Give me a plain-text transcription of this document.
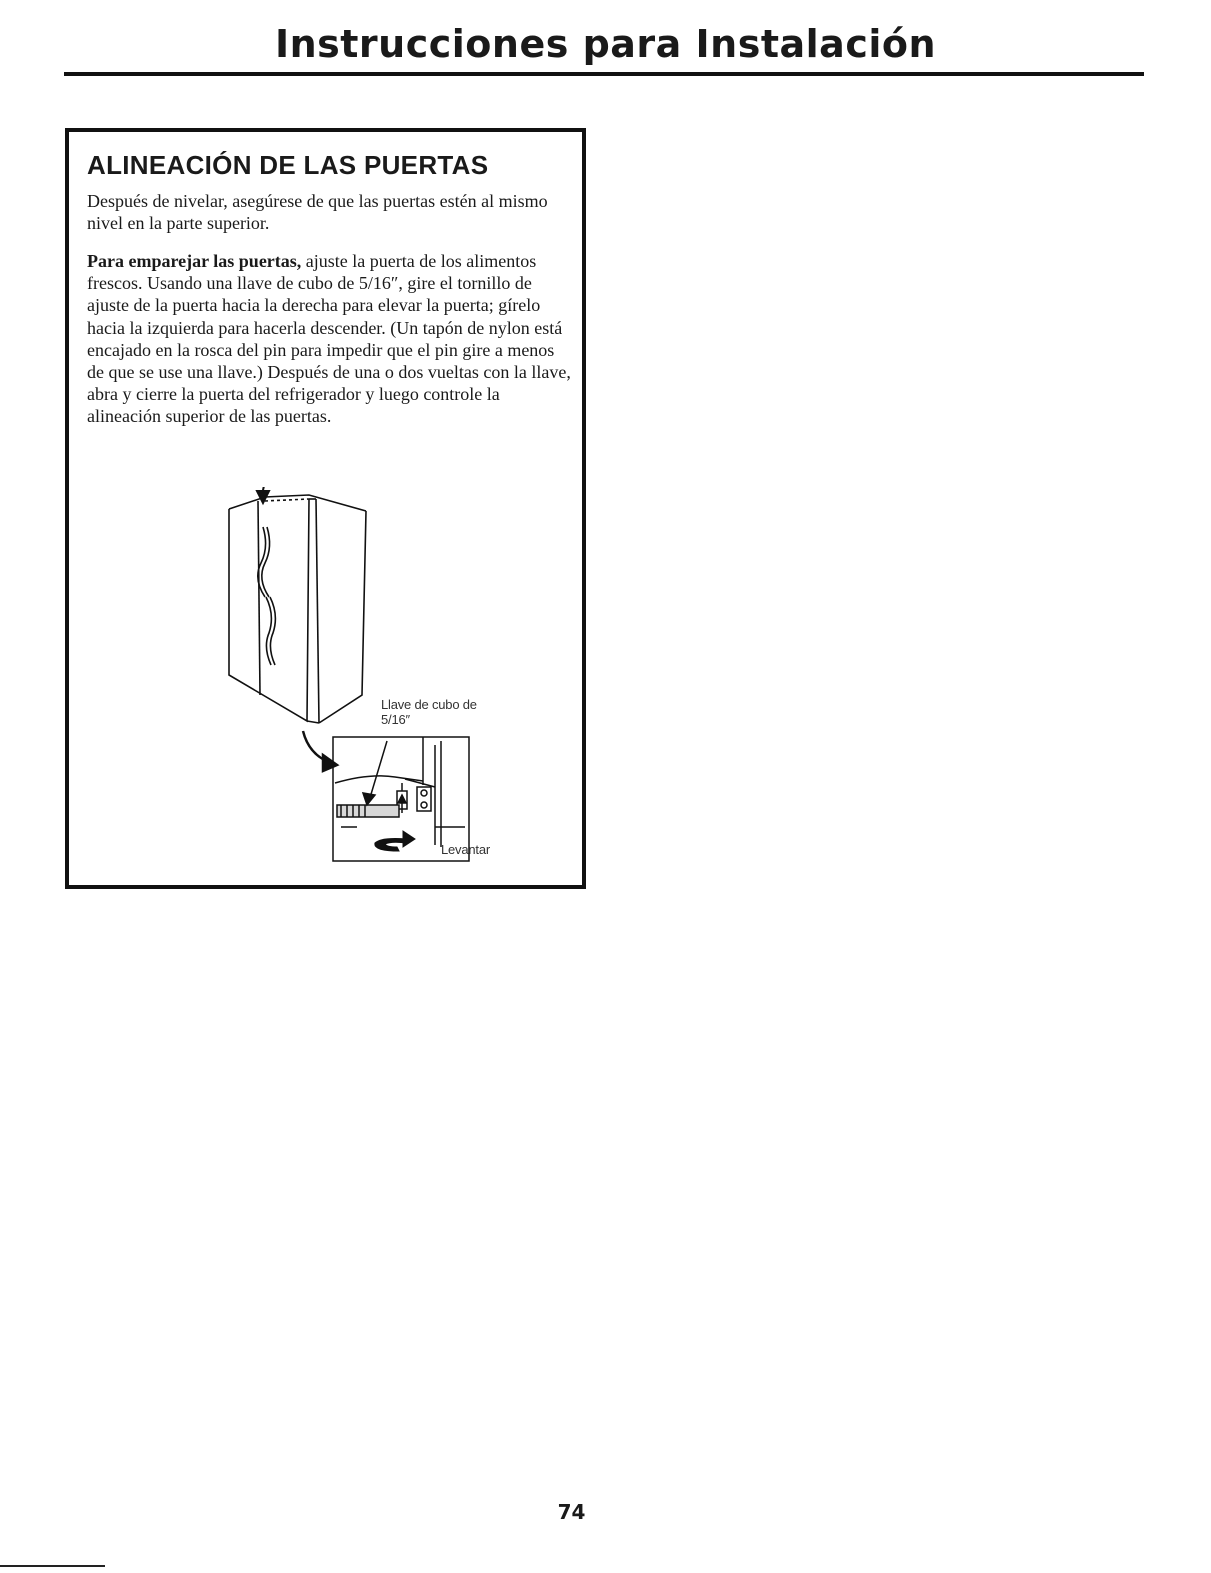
Instrucciones para Instalación
ALINEACIÓN DE LAS PUERTAS

Después de nivelar, asegúrese de que las puertas estén al mismo nivel en la parte superior.

Para emparejar las puertas, ajuste la puerta de los alimentos frescos. Usando una llave de cubo de 5/16″, gire el tornillo de ajuste de la puerta hacia la derecha para elevar la puerta; gírelo hacia la izquierda para hacerla descender. (Un tapón de nylon está encajado en la rosca del pin para impedir que el pin gire a menos de que se use una llave.) Después de una o dos vueltas con la llave, abra y cierre la puerta del refrigerador y luego controle la alineación superior de las puertas.

Llave de cubo de 5/16″
Levantar
74
